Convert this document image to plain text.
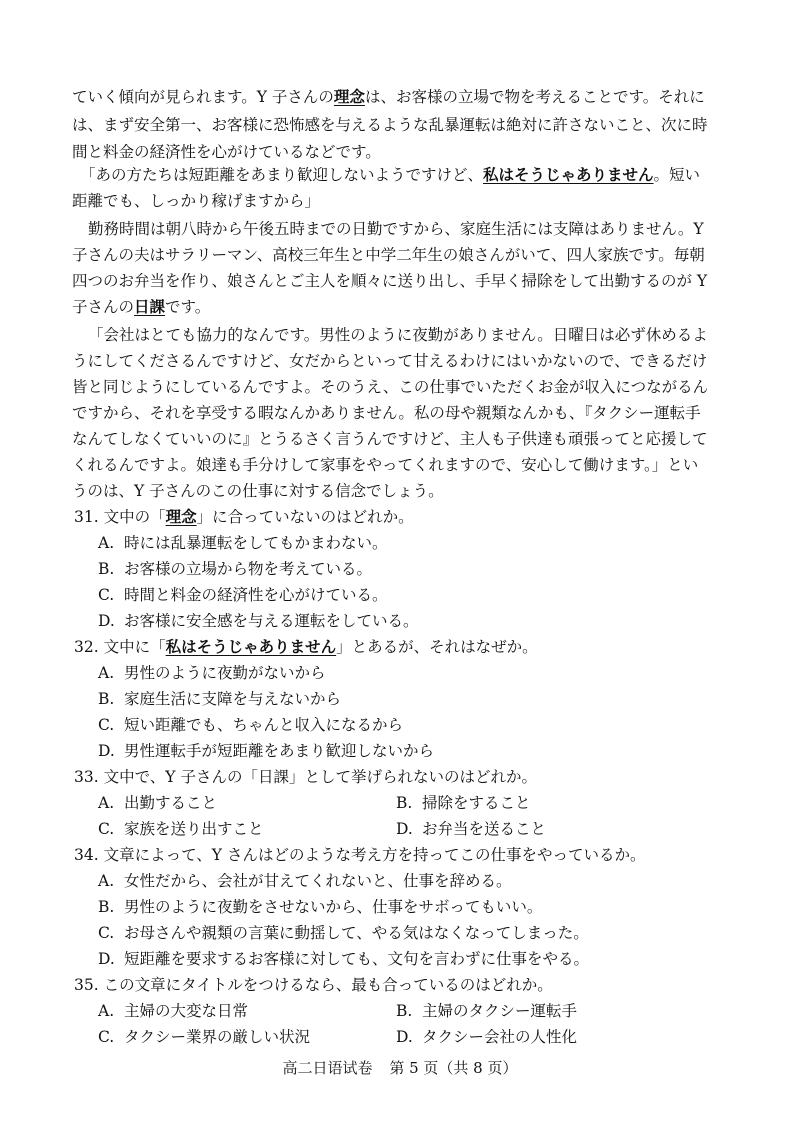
ていく傾向が見られます。Y 子さんの理念は、お客様の立場で物を考えることです。それに
は、まず安全第一、お客様に恐怖感を与えるような乱暴運転は絶対に許さないこと、次に時
間と料金の経済性を心がけているなどです。
「あの方たちは短距離をあまり歓迎しないようですけど、私はそうじゃありません。短い
距離でも、しっかり稼げますから」
勤務時間は朝八時から午後五時までの日勤ですから、家庭生活には支障はありません。Y
子さんの夫はサラリーマン、高校三年生と中学二年生の娘さんがいて、四人家族です。毎朝
四つのお弁当を作り、娘さんとご主人を順々に送り出し、手早く掃除をして出勤するのが Y
子さんの日課です。
「会社はとても協力的なんです。男性のように夜勤がありません。日曜日は必ず休めるよ
うにしてくださるんですけど、女だからといって甘えるわけにはいかないので、できるだけ
皆と同じようにしているんですよ。そのうえ、この仕事でいただくお金が収入につながるん
ですから、それを享受する暇なんかありません。私の母や親類なんかも、『タクシー運転手
なんてしなくていいのに』とうるさく言うんですけど、主人も子供達も頑張ってと応援して
くれるんですよ。娘達も手分けして家事をやってくれますので、安心して働けます。」とい
うのは、Y 子さんのこの仕事に対する信念でしょう。
31. 文中の「理念」に合っていないのはどれか。
A. 時には乱暴運転をしてもかまわない。
B. お客様の立場から物を考えている。
C. 時間と料金の経済性を心がけている。
D. お客様に安全感を与える運転をしている。
32. 文中に「私はそうじゃありません」とあるが、それはなぜか。
A. 男性のように夜勤がないから
B. 家庭生活に支障を与えないから
C. 短い距離でも、ちゃんと収入になるから
D. 男性運転手が短距離をあまり歓迎しないから
33. 文中で、Y 子さんの「日課」として挙げられないのはどれか。
A. 出勤すること	B. 掃除をすること
C. 家族を送り出すこと	D. お弁当を送ること
34. 文章によって、Y さんはどのような考え方を持ってこの仕事をやっているか。
A. 女性だから、会社が甘えてくれないと、仕事を辞める。
B. 男性のように夜勤をさせないから、仕事をサボってもいい。
C. お母さんや親類の言葉に動揺して、やる気はなくなってしまった。
D. 短距離を要求するお客様に対しても、文句を言わずに仕事をやる。
35. この文章にタイトルをつけるなら、最も合っているのはどれか。
A. 主婦の大変な日常	B. 主婦のタクシー運転手
C. タクシー業界の厳しい状況	D. タクシー会社の人性化
高二日语试卷 第 5 页（共 8 页）
